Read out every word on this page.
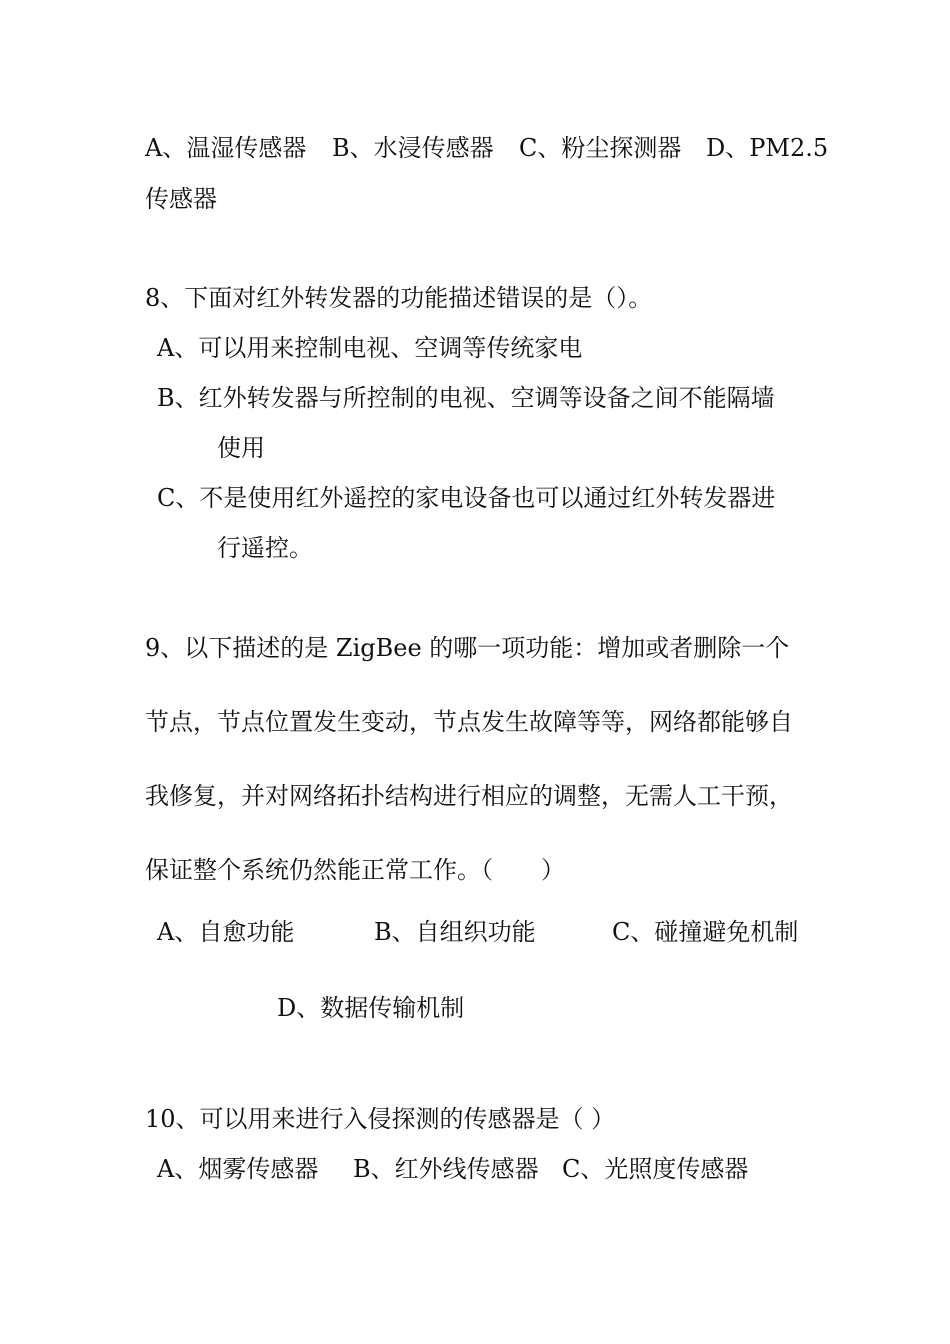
A、温湿传感器 B、水浸传感器 C、粉尘探测器 D、PM2.5
传感器
8、下面对红外转发器的功能描述错误的是（）。
A、可以用来控制电视、空调等传统家电
B、红外转发器与所控制的电视、空调等设备之间不能隔墙
使用
C、不是使用红外遥控的家电设备也可以通过红外转发器进
行遥控。
9、以下描述的是 ZigBee 的哪一项功能：增加或者删除一个
节点，节点位置发生变动，节点发生故障等等，网络都能够自
我修复，并对网络拓扑结构进行相应的调整，无需人工干预，
保证整个系统仍然能正常工作。（　　）
A、自愈功能	B、自组织功能	C、碰撞避免机制
D、数据传输机制
10、可以用来进行入侵探测的传感器是（ ）
A、烟雾传感器 B、红外线传感器 C、光照度传感器
